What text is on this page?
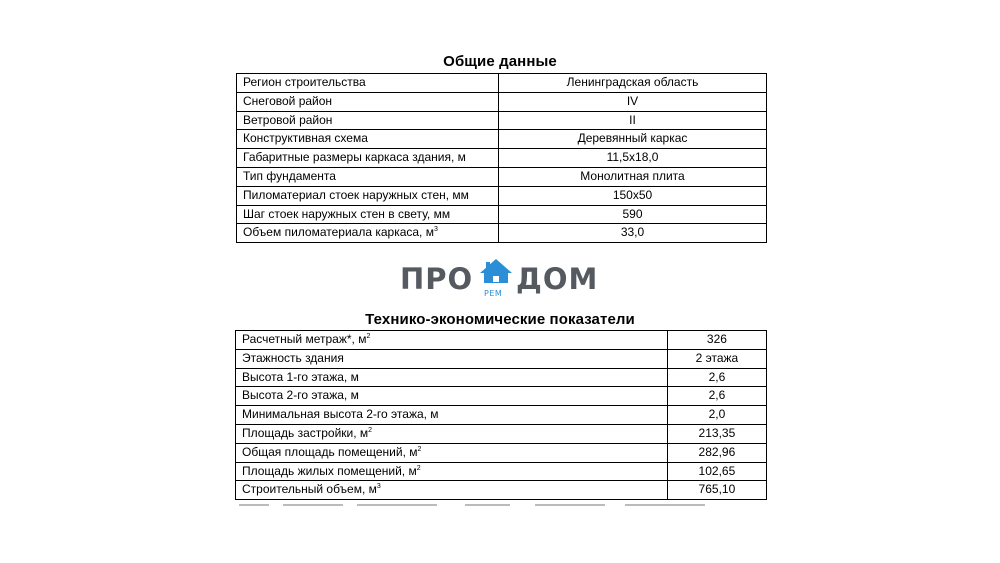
Общие данные
Регион строительства	Ленинградская область
Снеговой район	IV
Ветровой район	II
Конструктивная схема	Деревянный каркас
Габаритные размеры каркаса здания, м	11,5х18,0
Тип фундамента	Монолитная плита
Пиломатериал стоек наружных стен, мм	150х50
Шаг стоек наружных стен в свету, мм	590
Объем пиломатериала каркаса, $м^3$	33,0
ПРО РЕМ ДОМ
Технико-экономические показатели
Расчетный метраж*, $м^2$	326
Этажность здания	2 этажа
Высота 1-го этажа, м	2,6
Высота 2-го этажа, м	2,6
Минимальная высота 2-го этажа, м	2,0
Площадь застройки, $м^2$	213,35
Общая площадь помещений, $м^2$	282,96
Площадь жилых помещений, $м^2$	102,65
Строительный объем, $м^3$	765,10
